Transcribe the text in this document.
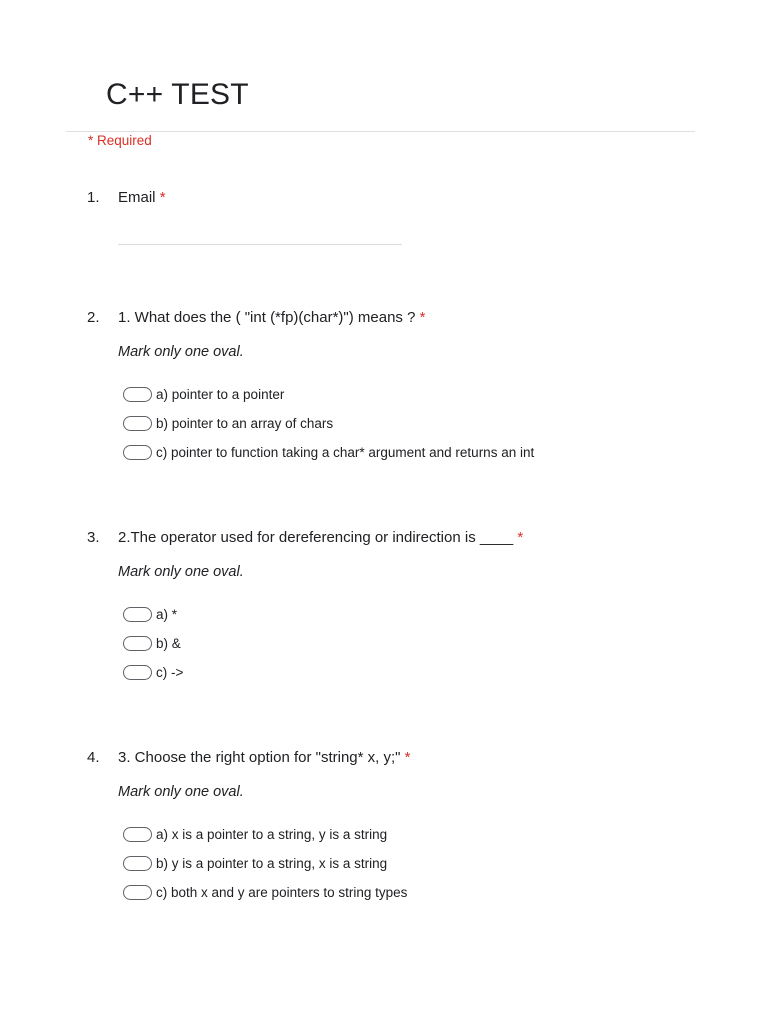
C++ TEST
* Required
1. Email *
2. 1. What does the ( "int (*fp)(char*)") means ? *
Mark only one oval.
a) pointer to a pointer
b) pointer to an array of chars
c) pointer to function taking a char* argument and returns an int
3. 2.The operator used for dereferencing or indirection is ____ *
Mark only one oval.
a) *
b) &
c) ->
4. 3. Choose the right option for "string* x, y;" *
Mark only one oval.
a) x is a pointer to a string, y is a string
b) y is a pointer to a string, x is a string
c) both x and y are pointers to string types
